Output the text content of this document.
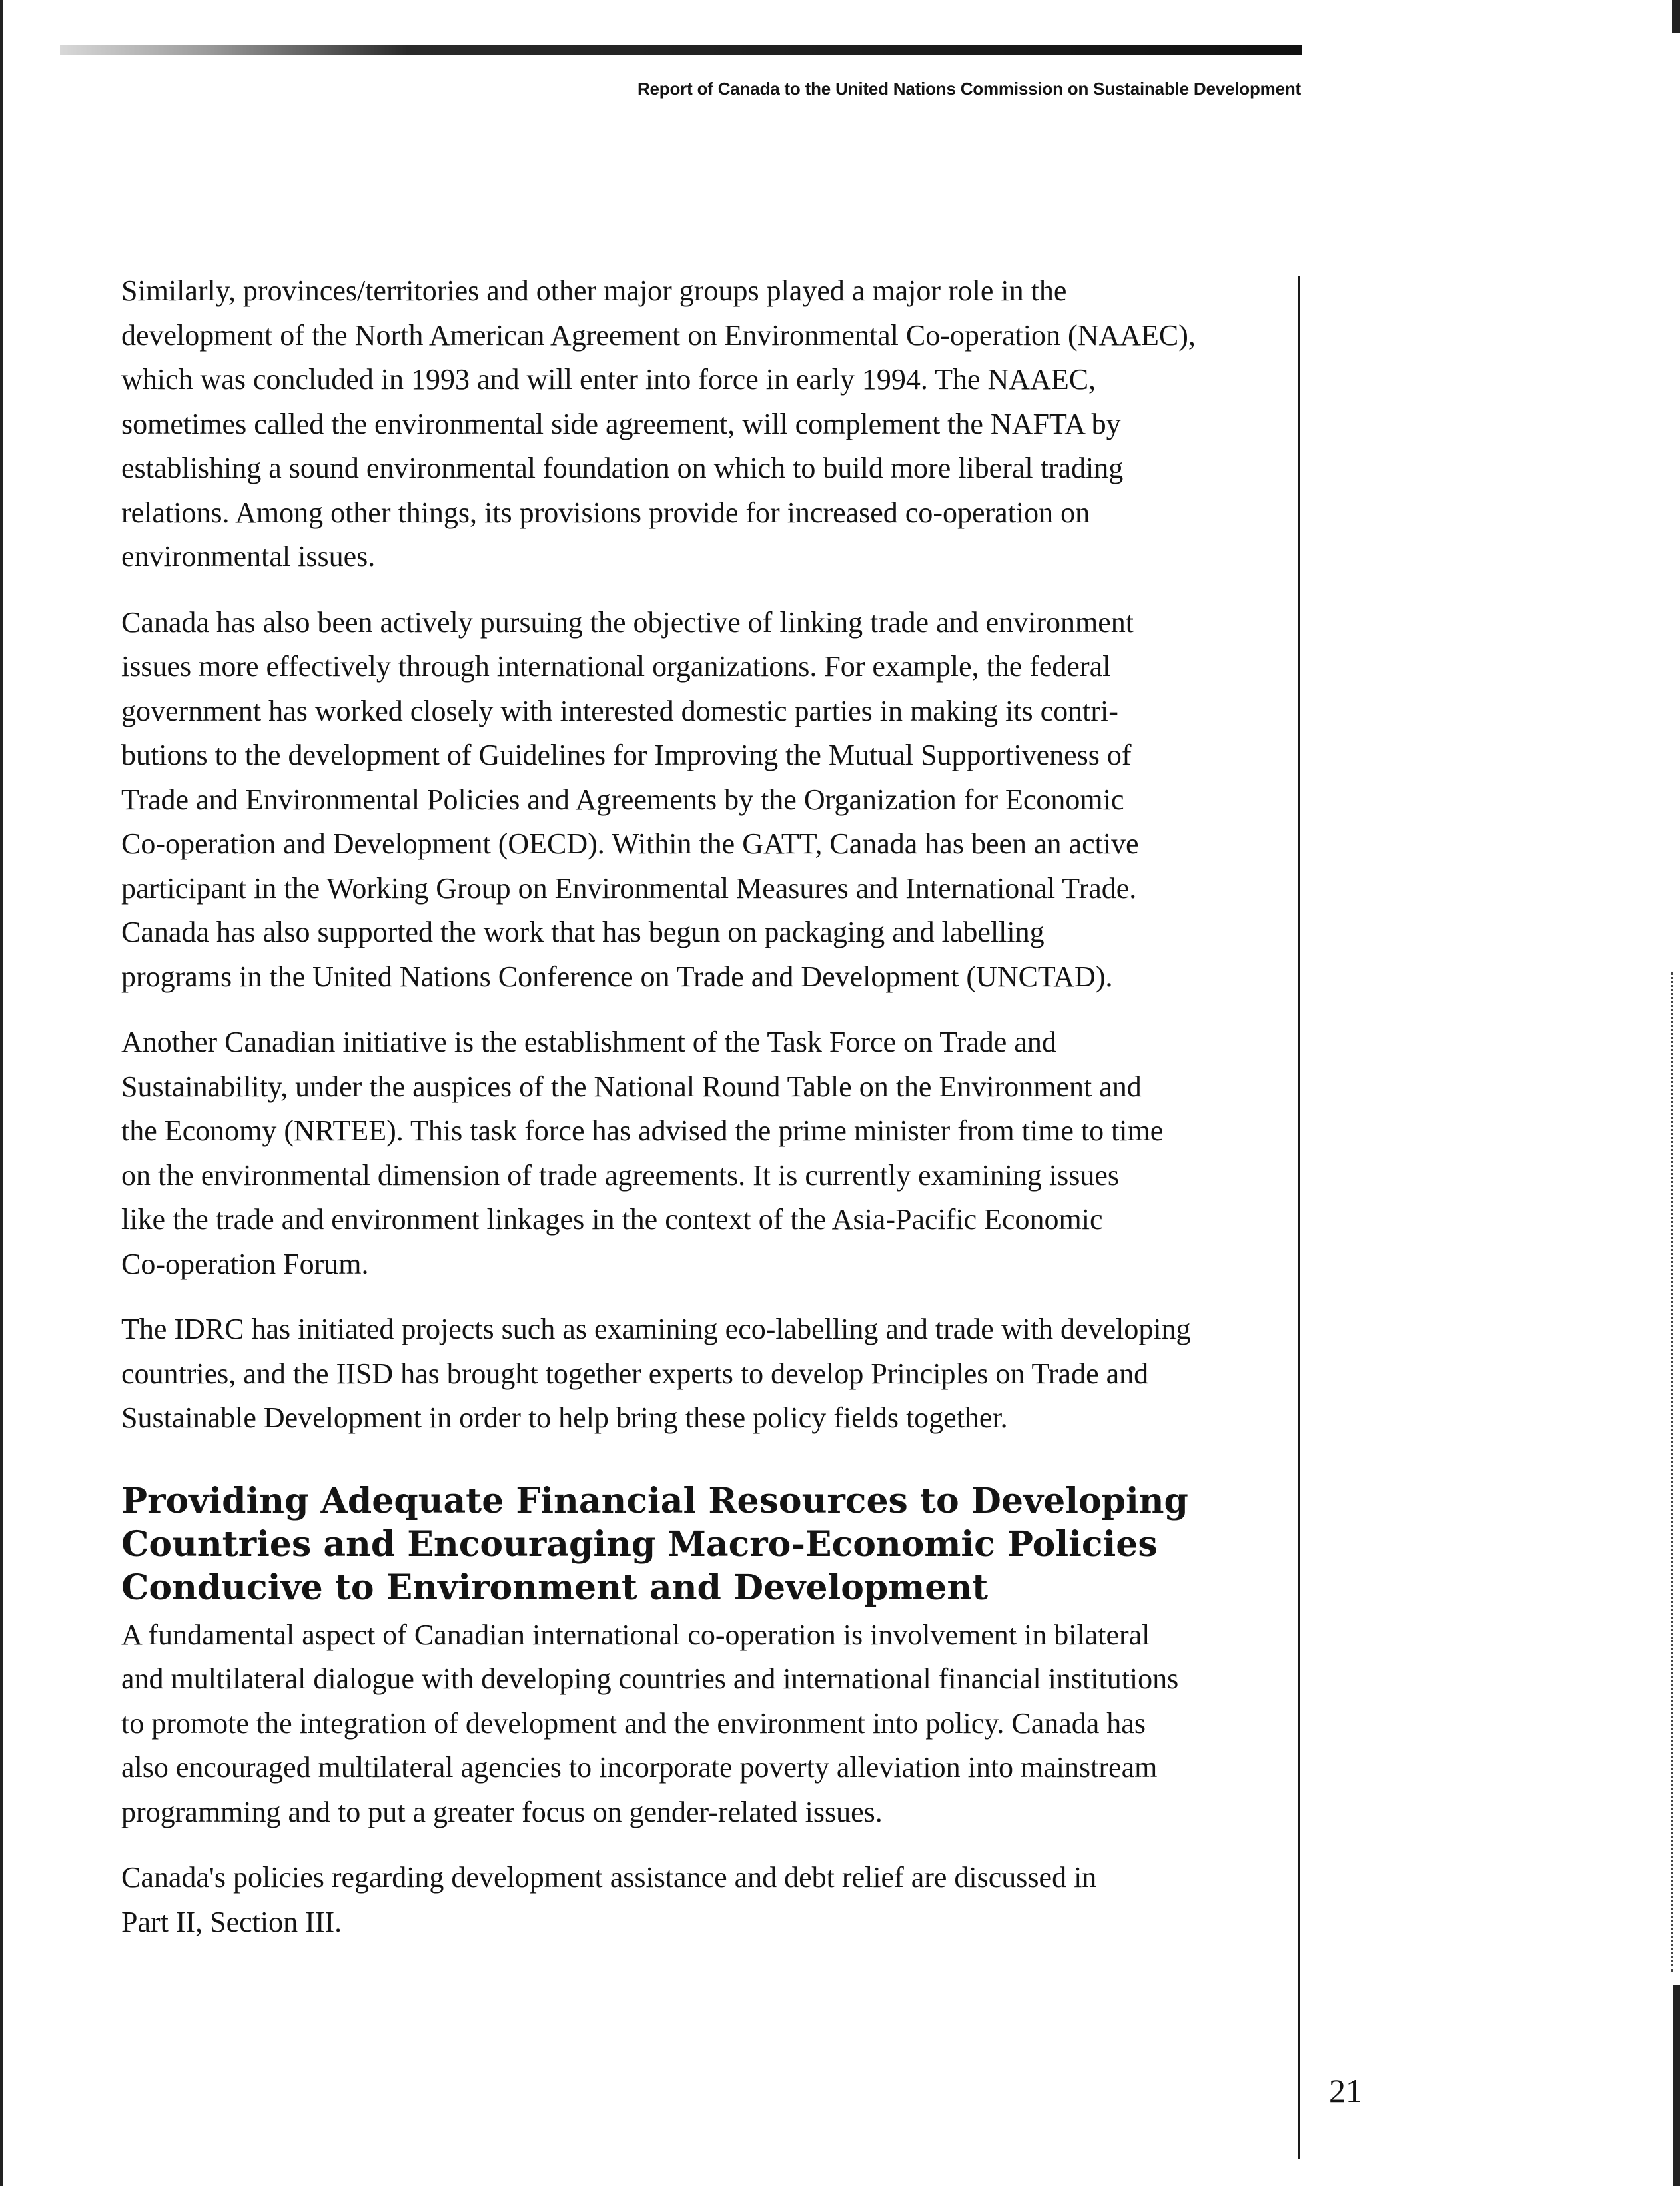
Report of Canada to the United Nations Commission on Sustainable Development

Similarly, provinces/territories and other major groups played a major role in the
development of the North American Agreement on Environmental Co-operation (NAAEC),
which was concluded in 1993 and will enter into force in early 1994. The NAAEC,
sometimes called the environmental side agreement, will complement the NAFTA by
establishing a sound environmental foundation on which to build more liberal trading
relations. Among other things, its provisions provide for increased co-operation on
environmental issues.

Canada has also been actively pursuing the objective of linking trade and environment
issues more effectively through international organizations. For example, the federal
government has worked closely with interested domestic parties in making its contri-
butions to the development of Guidelines for Improving the Mutual Supportiveness of
Trade and Environmental Policies and Agreements by the Organization for Economic
Co-operation and Development (OECD). Within the GATT, Canada has been an active
participant in the Working Group on Environmental Measures and International Trade.
Canada has also supported the work that has begun on packaging and labelling
programs in the United Nations Conference on Trade and Development (UNCTAD).

Another Canadian initiative is the establishment of the Task Force on Trade and
Sustainability, under the auspices of the National Round Table on the Environment and
the Economy (NRTEE). This task force has advised the prime minister from time to time
on the environmental dimension of trade agreements. It is currently examining issues
like the trade and environment linkages in the context of the Asia-Pacific Economic
Co-operation Forum.

The IDRC has initiated projects such as examining eco-labelling and trade with developing
countries, and the IISD has brought together experts to develop Principles on Trade and
Sustainable Development in order to help bring these policy fields together.

Providing Adequate Financial Resources to Developing
Countries and Encouraging Macro-Economic Policies
Conducive to Environment and Development

A fundamental aspect of Canadian international co-operation is involvement in bilateral
and multilateral dialogue with developing countries and international financial institutions
to promote the integration of development and the environment into policy. Canada has
also encouraged multilateral agencies to incorporate poverty alleviation into mainstream
programming and to put a greater focus on gender-related issues.

Canada's policies regarding development assistance and debt relief are discussed in
Part II, Section III.

21
